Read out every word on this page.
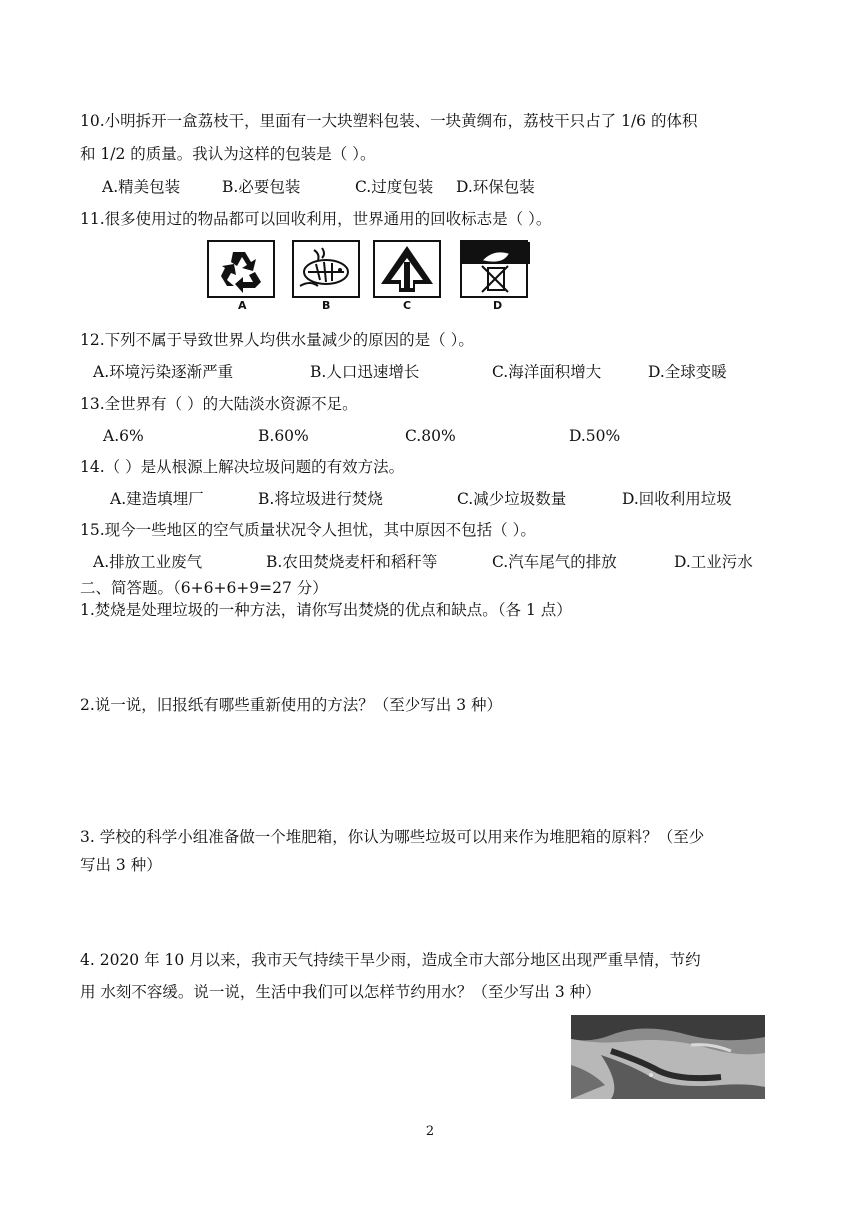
10.小明拆开一盒荔枝干，里面有一大块塑料包装、一块黄绸布，荔枝干只占了 1/6 的体积
和 1/2 的质量。我认为这样的包装是（ ）。
A.精美包装	B.必要包装	C.过度包装 D.环保包装
11.很多使用过的物品都可以回收利用，世界通用的回收标志是（ ）。
A	B	C	D
12.下列不属于导致世界人均供水量减少的原因的是（ ）。
A.环境污染逐渐严重	B.人口迅速增长	C.海洋面积增大	D.全球变暖
13.全世界有（ ）的大陆淡水资源不足。
A.6%	B.60%	C.80%	D.50%
14.（ ）是从根源上解决垃圾问题的有效方法。
A.建造填埋厂	B.将垃圾进行焚烧	C.减少垃圾数量	D.回收利用垃圾
15.现今一些地区的空气质量状况令人担忧，其中原因不包括（ ）。
A.排放工业废气	B.农田焚烧麦杆和稻秆等	C.汽车尾气的排放	D.工业污水
二、简答题。（6+6+6+9=27 分）
1.焚烧是处理垃圾的一种方法，请你写出焚烧的优点和缺点。（各 1 点）
2.说一说，旧报纸有哪些重新使用的方法？（至少写出 3 种）
3. 学校的科学小组准备做一个堆肥箱，你认为哪些垃圾可以用来作为堆肥箱的原料？（至少
写出 3 种）
4. 2020 年 10 月以来，我市天气持续干旱少雨，造成全市大部分地区出现严重旱情，节约
用 水刻不容缓。说一说，生活中我们可以怎样节约用水？（至少写出 3 种）
2
